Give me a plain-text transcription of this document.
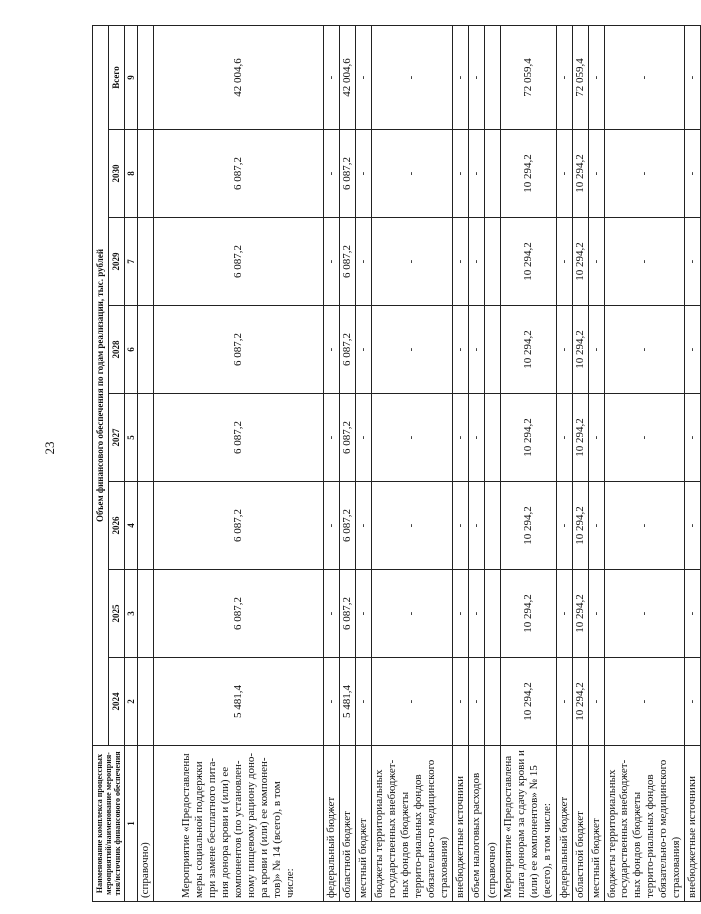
23
Наименование комплекса процессных мероприятий/наименование мероприя-тия/источник финансового обеспечения	Объем финансового обеспечения по годам реализации, тыс. рублей							
	2024	2025	2026	2027	2028	2029	2030	Всего
1	2	3	4	5	6	7	8	9
(справочно)								
Мероприятие «Предоставлены меры социальной поддержки при замене бесплатного пита-ния донора крови и (или) ее компонентов (по установлен-ному пищевому рациону доно-ра крови и (или) ее компонен-тов)» № 14 (всего), в том числе:	5 481,4	6 087,2	6 087,2	6 087,2	6 087,2	6 087,2	6 087,2	42 004,6
федеральный бюджет	-	-	-	-	-	-	-	-
областной бюджет	5 481,4	6 087,2	6 087,2	6 087,2	6 087,2	6 087,2	6 087,2	42 004,6
местный бюджет	-	-	-	-	-	-	-	-
бюджеты территориальных государственных внебюджет-ных фондов (бюджеты террито-риальных фондов обязательно-го медицинского страхования)	-	-	-	-	-	-	-	-
внебюджетные источники	-	-	-	-	-	-	-	-
объем налоговых расходов	-	-	-	-	-	-	-	-
(справочно)								
Мероприятие «Предоставлена плата донорам за сдачу крови и (или) ее компонентов» № 15 (всего), в том числе:	10 294,2	10 294,2	10 294,2	10 294,2	10 294,2	10 294,2	10 294,2	72 059,4
федеральный бюджет	-	-	-	-	-	-	-	-
областной бюджет	10 294,2	10 294,2	10 294,2	10 294,2	10 294,2	10 294,2	10 294,2	72 059,4
местный бюджет	-	-	-	-	-	-	-	-
бюджеты территориальных государственных внебюджет-ных фондов (бюджеты террито-риальных фондов обязательно-го медицинского страхования)	-	-	-	-	-	-	-	-
внебюджетные источники	-	-	-	-	-	-	-	-
